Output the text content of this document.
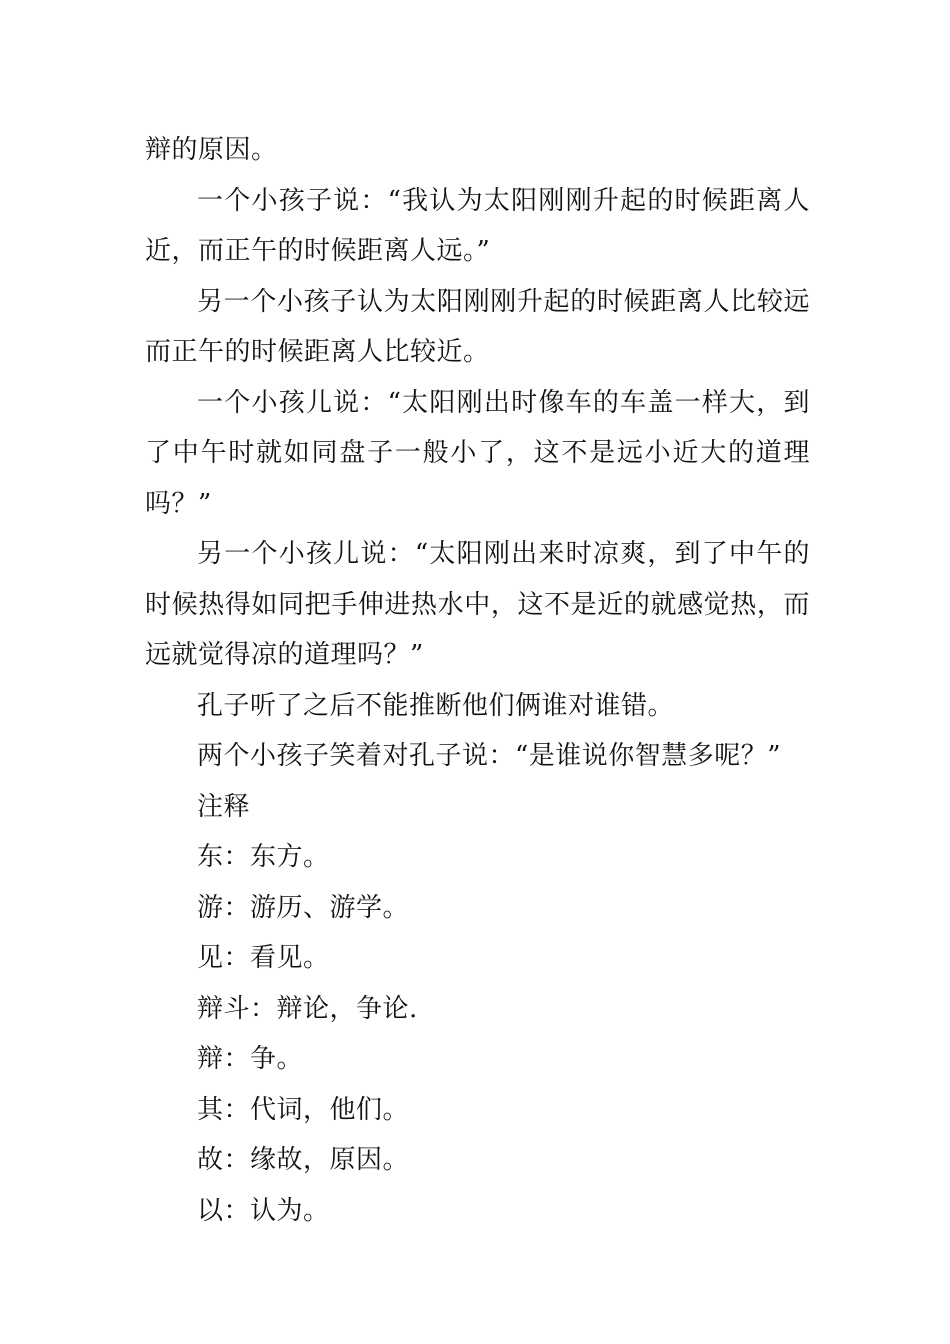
辩的原因。

一个小孩子说：“我认为太阳刚刚升起的时候距离人近，而正午的时候距离人远。”

另一个小孩子认为太阳刚刚升起的时候距离人比较远而正午的时候距离人比较近。

一个小孩儿说：“太阳刚出时像车的车盖一样大，到了中午时就如同盘子一般小了，这不是远小近大的道理吗？”

另一个小孩儿说：“太阳刚出来时凉爽，到了中午的时候热得如同把手伸进热水中，这不是近的就感觉热，而远就觉得凉的道理吗？”

孔子听了之后不能推断他们俩谁对谁错。

两个小孩子笑着对孔子说：“是谁说你智慧多呢？”

注释

东：东方。

游：游历、游学。

见：看见。

辩斗：辩论，争论.

辩：争。

其：代词，他们。

故：缘故，原因。

以：认为。
